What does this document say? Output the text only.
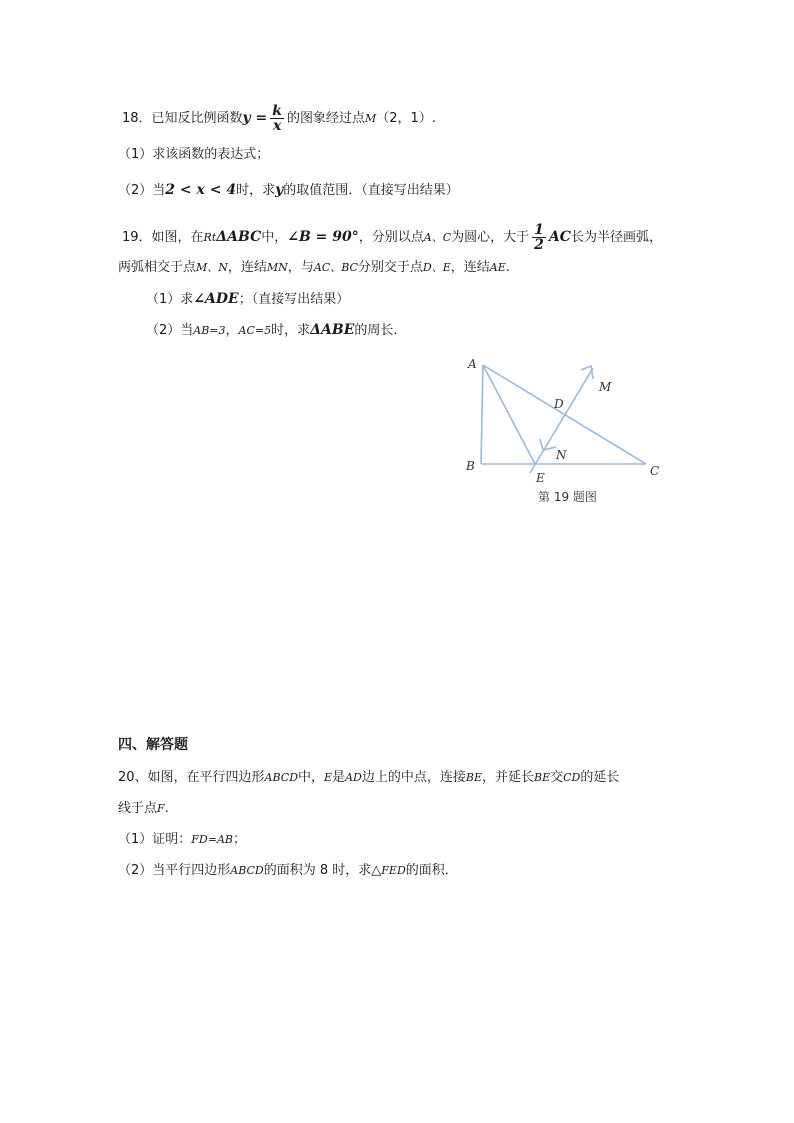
18．已知反比例函数$y = \frac{k}{x}$ 的图象经过点M（2，1）.
（1）求该函数的表达式；
（2）当2 < x < 4时，求y的取值范围．（直接写出结果）
19．如图，在RtΔABC中，∠B = 90°，分别以点A、C为圆心，大于 $\frac{1}{2}$ AC长为半径画弧，
两弧相交于点M、N，连结MN，与AC、BC分别交于点D、E，连结AE.
（1）求∠ADE；（直接写出结果）
（2）当AB=3，AC=5时，求ΔABE的周长．
A
B	C
D
E
M
N
第 19 题图
四、解答题
20、如图，在平行四边形ABCD中，E是AD边上的中点，连接BE，并延长BE交CD的延长
线于点F.
（1）证明：FD=AB；
（2）当平行四边形ABCD的面积为 8 时，求△FED的面积．
